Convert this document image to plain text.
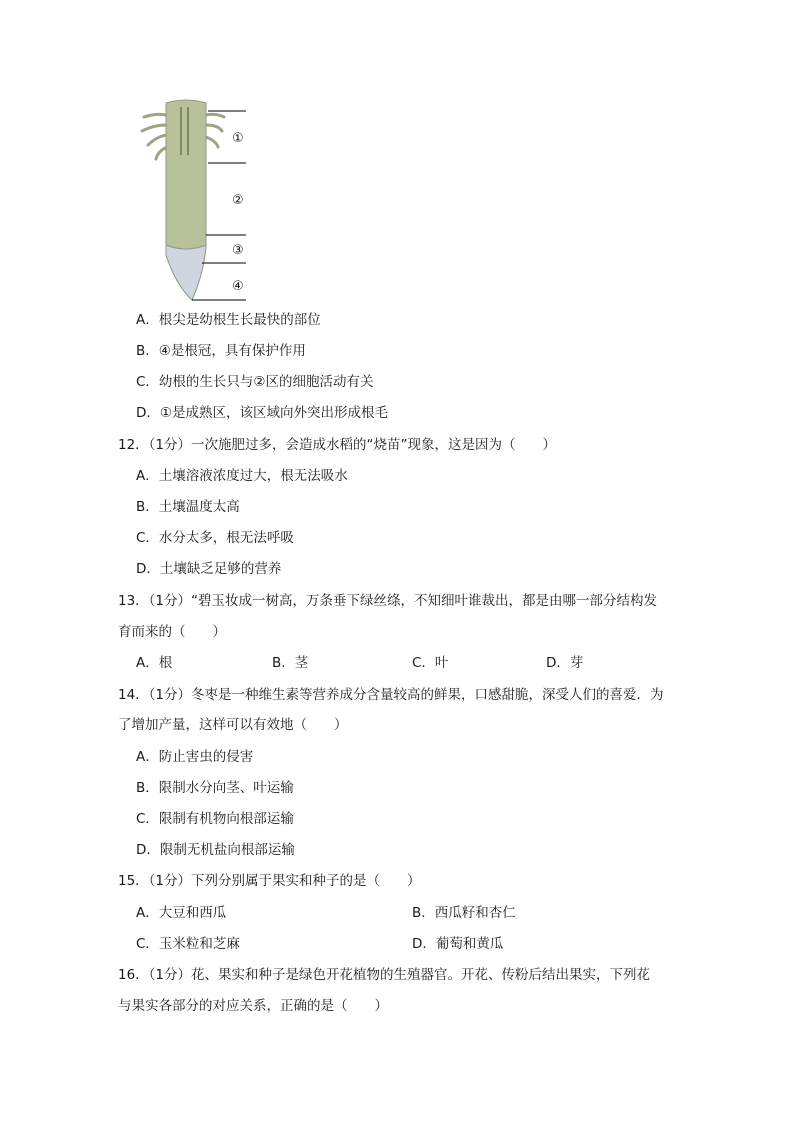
①
②
③
④
A．根尖是幼根生长最快的部位
B．④是根冠，具有保护作用
C．幼根的生长只与②区的细胞活动有关
D．①是成熟区，该区域向外突出形成根毛
12．（1分）一次施肥过多，会造成水稻的“烧苗”现象，这是因为（　　）
A．土壤溶液浓度过大，根无法吸水
B．土壤温度太高
C．水分太多，根无法呼吸
D．土壤缺乏足够的营养
13．（1分）“碧玉妆成一树高，万条垂下绿丝绦，不知细叶谁裁出，都是由哪一部分结构发
育而来的（　　）
A．根	B．茎	C．叶	D．芽
14．（1分）冬枣是一种维生素等营养成分含量较高的鲜果，口感甜脆，深受人们的喜爱．为
了增加产量，这样可以有效地（　　）
A．防止害虫的侵害
B．限制水分向茎、叶运输
C．限制有机物向根部运输
D．限制无机盐向根部运输
15．（1分）下列分别属于果实和种子的是（　　）
A．大豆和西瓜	B．西瓜籽和杏仁
C．玉米粒和芝麻	D．葡萄和黄瓜
16．（1分）花、果实和种子是绿色开花植物的生殖器官。开花、传粉后结出果实，下列花
与果实各部分的对应关系，正确的是（　　）
